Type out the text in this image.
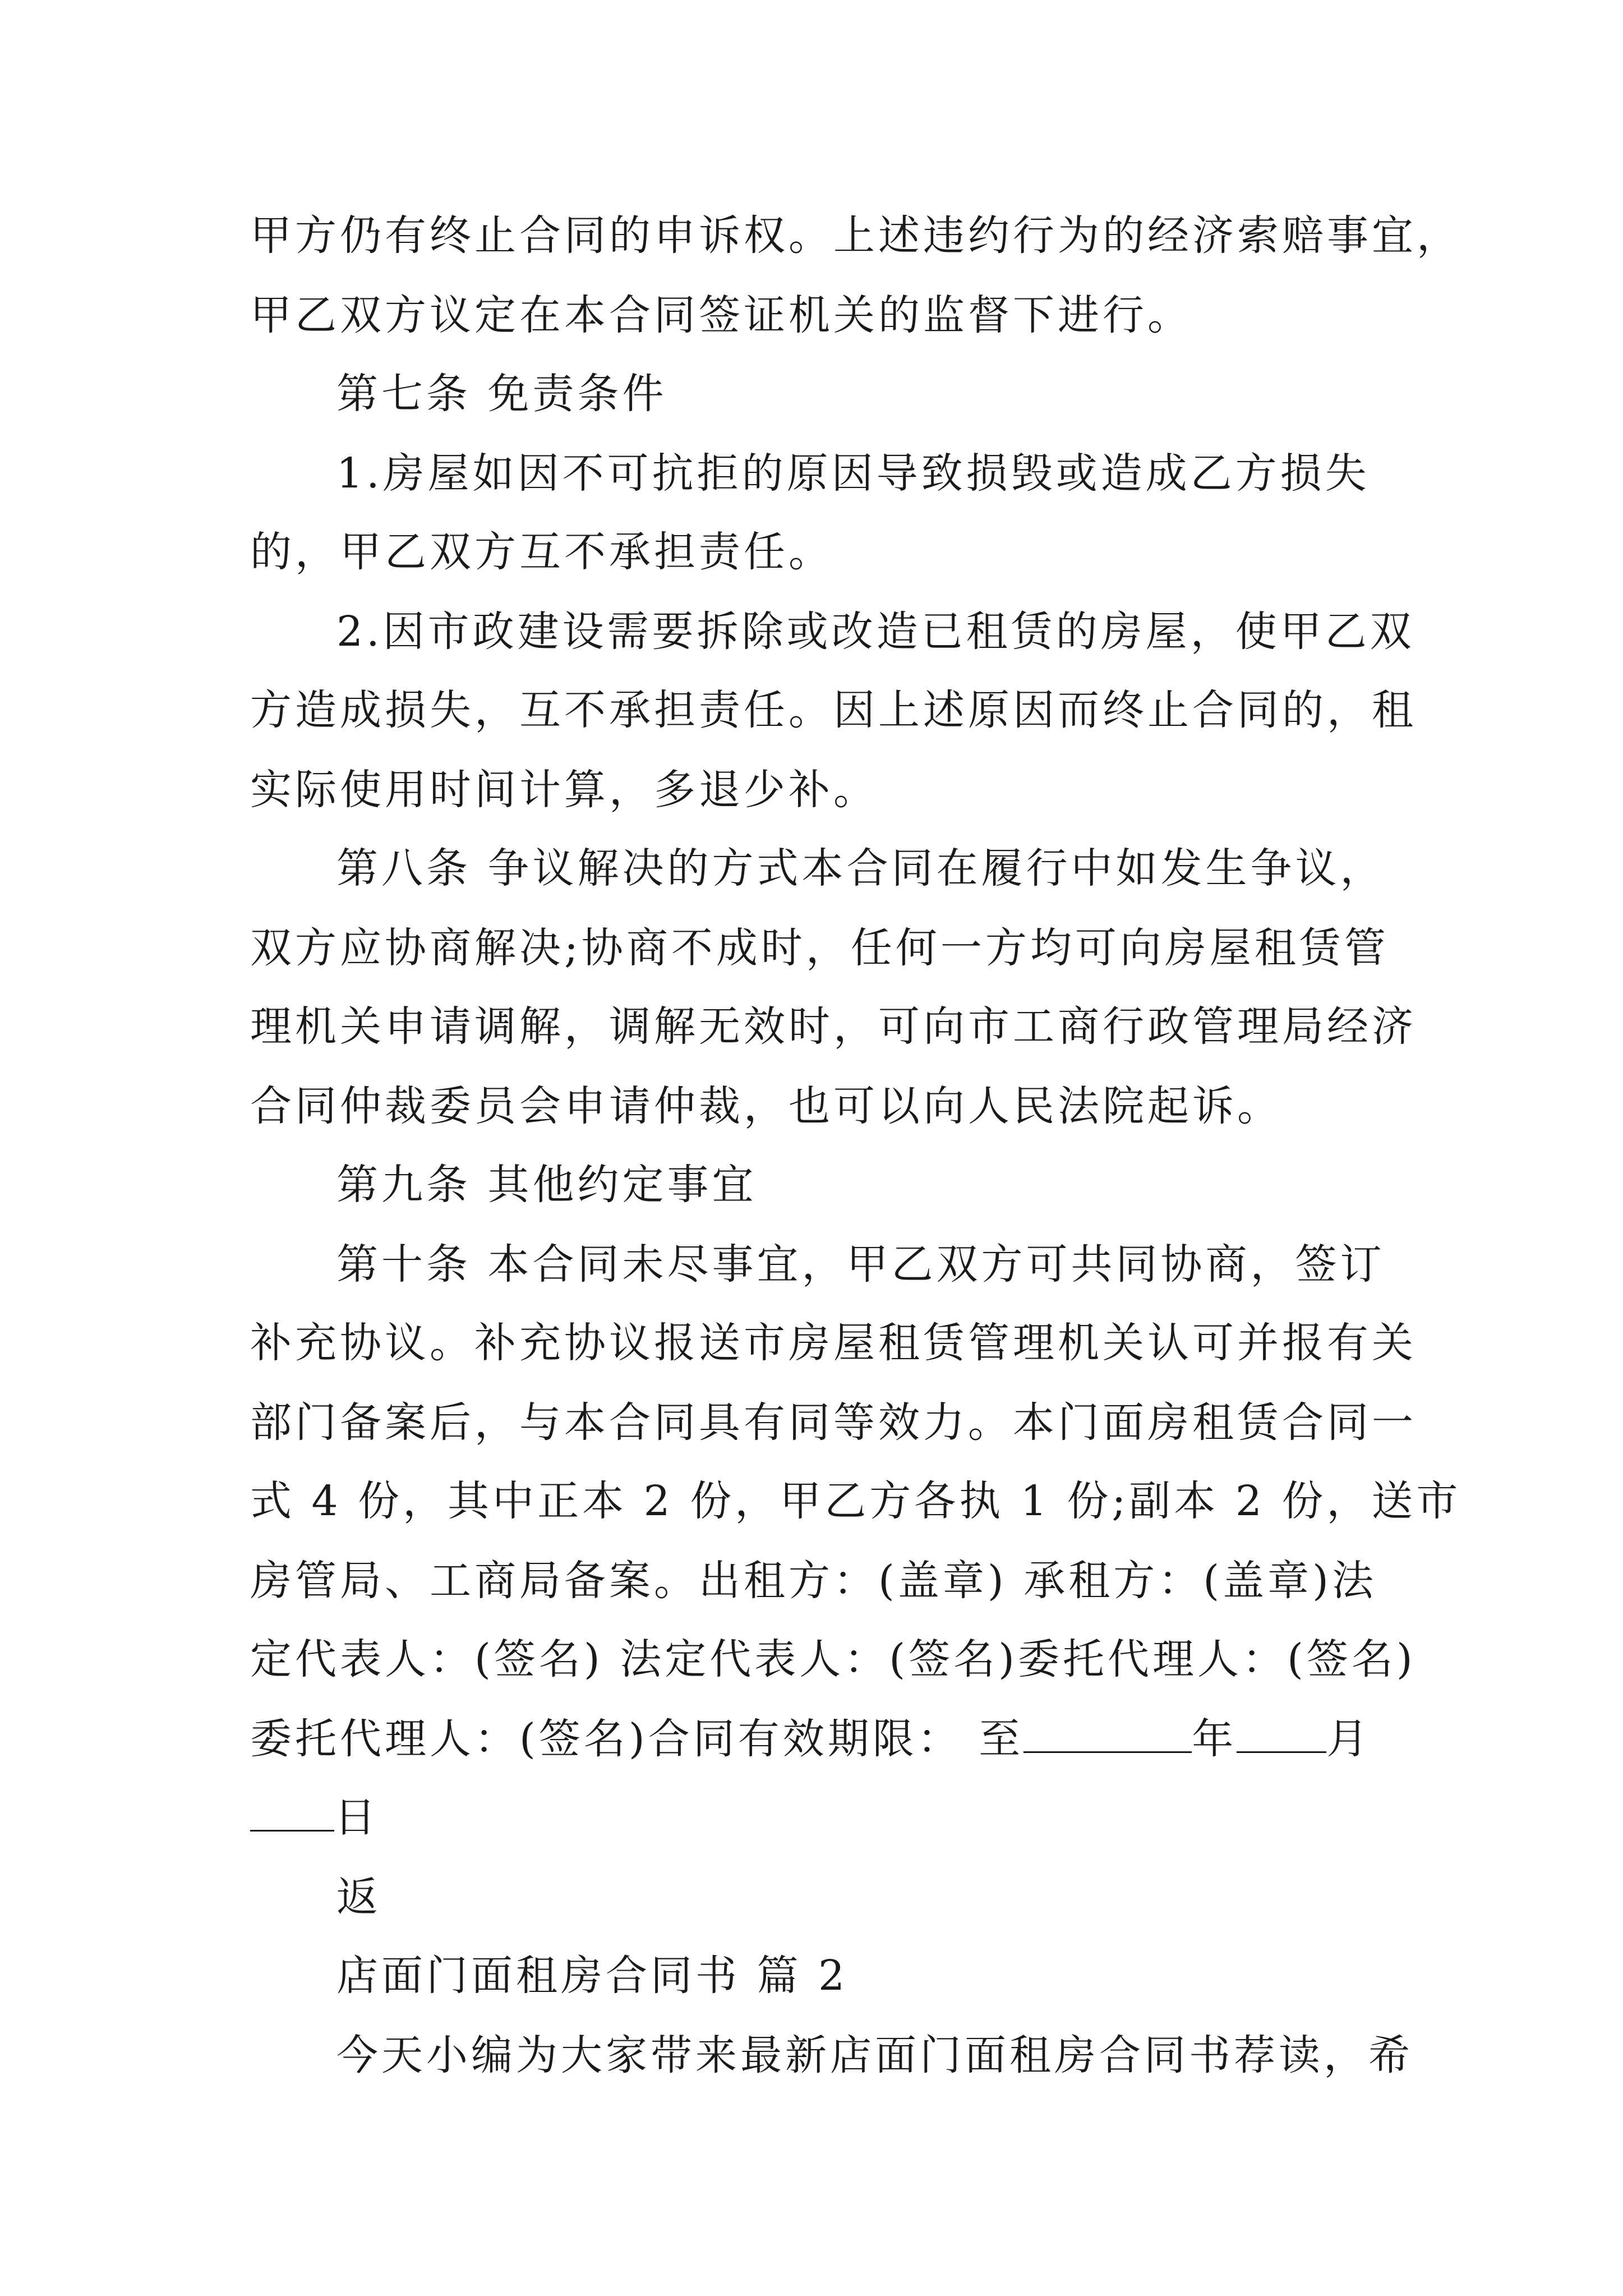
甲方仍有终止合同的申诉权。上述违约行为的经济索赔事宜，
甲乙双方议定在本合同签证机关的监督下进行。
第七条 免责条件
1.房屋如因不可抗拒的原因导致损毁或造成乙方损失
的，甲乙双方互不承担责任。
2.因市政建设需要拆除或改造已租赁的房屋，使甲乙双
方造成损失，互不承担责任。因上述原因而终止合同的，租
实际使用时间计算，多退少补。
第八条 争议解决的方式本合同在履行中如发生争议，
双方应协商解决;协商不成时，任何一方均可向房屋租赁管
理机关申请调解，调解无效时，可向市工商行政管理局经济
合同仲裁委员会申请仲裁，也可以向人民法院起诉。
第九条 其他约定事宜
第十条 本合同未尽事宜，甲乙双方可共同协商，签订
补充协议。补充协议报送市房屋租赁管理机关认可并报有关
部门备案后，与本合同具有同等效力。本门面房租赁合同一
式 4 份，其中正本 2 份，甲乙方各执 1 份;副本 2 份，送市
房管局、工商局备案。出租方：(盖章) 承租方：(盖章)法
定代表人：(签名) 法定代表人：(签名)委托代理人：(签名)
委托代理人：(签名)合同有效期限： 至	年 月
日
返
店面门面租房合同书 篇 2
今天小编为大家带来最新店面门面租房合同书荐读，希
